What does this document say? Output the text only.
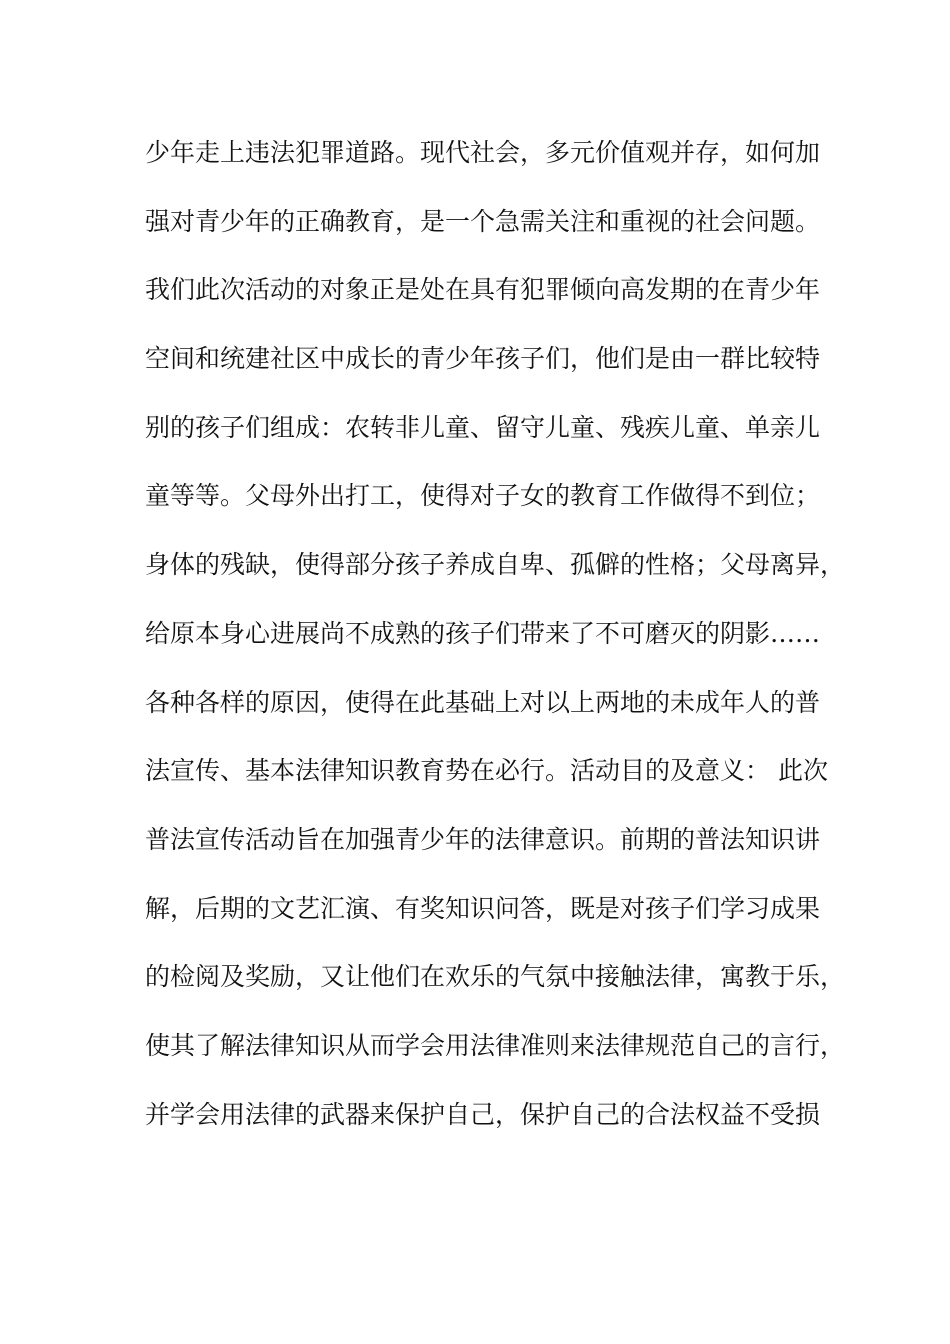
少年走上违法犯罪道路。现代社会，多元价值观并存，如何加
强对青少年的正确教育，是一个急需关注和重视的社会问题。
我们此次活动的对象正是处在具有犯罪倾向高发期的在青少年
空间和统建社区中成长的青少年孩子们，他们是由一群比较特
别的孩子们组成：农转非儿童、留守儿童、残疾儿童、单亲儿
童等等。父母外出打工，使得对子女的教育工作做得不到位；
身体的残缺，使得部分孩子养成自卑、孤僻的性格；父母离异，
给原本身心进展尚不成熟的孩子们带来了不可磨灭的阴影……
各种各样的原因，使得在此基础上对以上两地的未成年人的普
法宣传、基本法律知识教育势在必行。活动目的及意义： 此次
普法宣传活动旨在加强青少年的法律意识。前期的普法知识讲
解，后期的文艺汇演、有奖知识问答，既是对孩子们学习成果
的检阅及奖励，又让他们在欢乐的气氛中接触法律，寓教于乐，
使其了解法律知识从而学会用法律准则来法律规范自己的言行，
并学会用法律的武器来保护自己，保护自己的合法权益不受损
